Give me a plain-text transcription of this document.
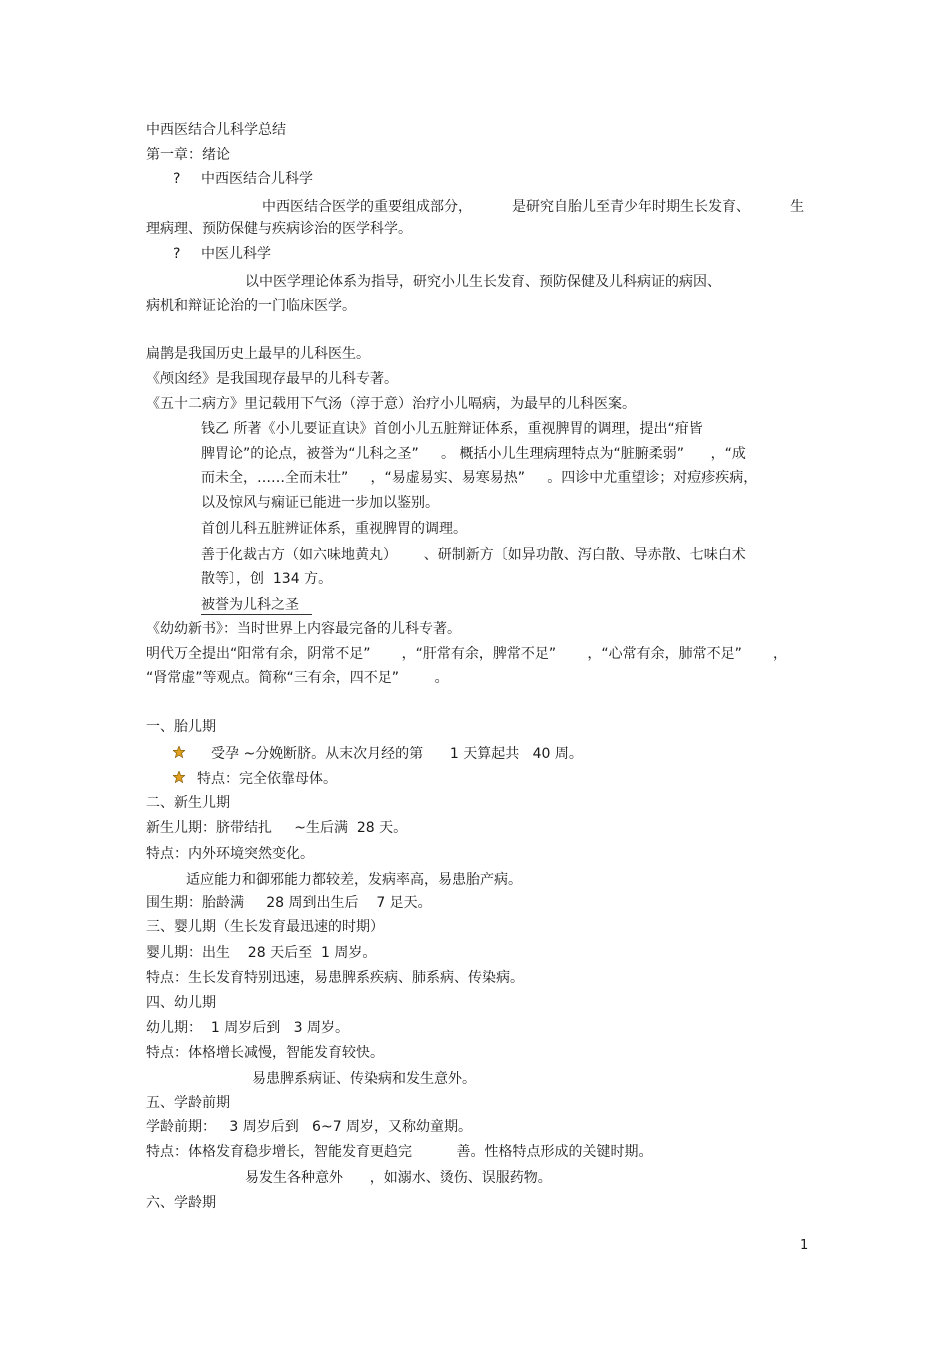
中西医结合儿科学总结

第一章：绪论

? 中西医结合儿科学

中西医结合医学的重要组成部分，         是研究自胎儿至青少年时期生长发育、         生

理病理、预防保健与疾病诊治的医学科学。

? 中医儿科学

以中医学理论体系为指导，研究小儿生长发育、预防保健及儿科病证的病因、

病机和辩证论治的一门临床医学。

扁鹊是我国历史上最早的儿科医生。

《颅囟经》是我国现存最早的儿科专著。

《五十二病方》里记载用下气汤（淳于意）治疗小儿嗝病，为最早的儿科医案。

钱乙 所著《小儿要证直诀》首创小儿五脏辩证体系，重视脾胃的调理，提出“疳皆

脾胃论”的论点，被誉为“儿科之圣”     。 概括小儿生理病理特点为“脏腑柔弱”      ，“成

而未全，……全而未壮”     ，“易虚易实、易寒易热”     。四诊中尤重望诊；对痘疹疾病，

以及惊风与痫证已能进一步加以鉴别。

首创儿科五脏辨证体系，重视脾胃的调理。

善于化裁古方（如六味地黄丸）      、研制新方〔如异功散、泻白散、导赤散、七味白术

散等〕，创  134 方。

被誉为儿科之圣

《幼幼新书》：当时世界上内容最完备的儿科专著。

明代万全提出“阳常有余，阴常不足”       ，“肝常有余，脾常不足”       ，“心常有余，肺常不足”       ，

“肾常虚”等观点。简称“三有余，四不足”        。

一、胎儿期

受孕 ~分娩断脐。从末次月经的第      1 天算起共   40 周。

特点：完全依靠母体。

二、新生儿期

新生儿期：脐带结扎     ~生后满  28 天。

特点：内外环境突然变化。

适应能力和御邪能力都较差，发病率高，易患胎产病。

围生期：胎龄满     28 周到出生后    7 足天。

三、婴儿期（生长发育最迅速的时期）

婴儿期：出生    28 天后至  1 周岁。

特点：生长发育特别迅速，易患脾系疾病、肺系病、传染病。

四、幼儿期

幼儿期：  1 周岁后到   3 周岁。

特点：体格增长减慢，智能发育较快。

易患脾系病证、传染病和发生意外。

五、学龄前期

学龄前期：   3 周岁后到   6~7 周岁，又称幼童期。

特点：体格发育稳步增长，智能发育更趋完          善。性格特点形成的关键时期。

易发生各种意外      ，如溺水、烫伤、误服药物。

六、学龄期

1
